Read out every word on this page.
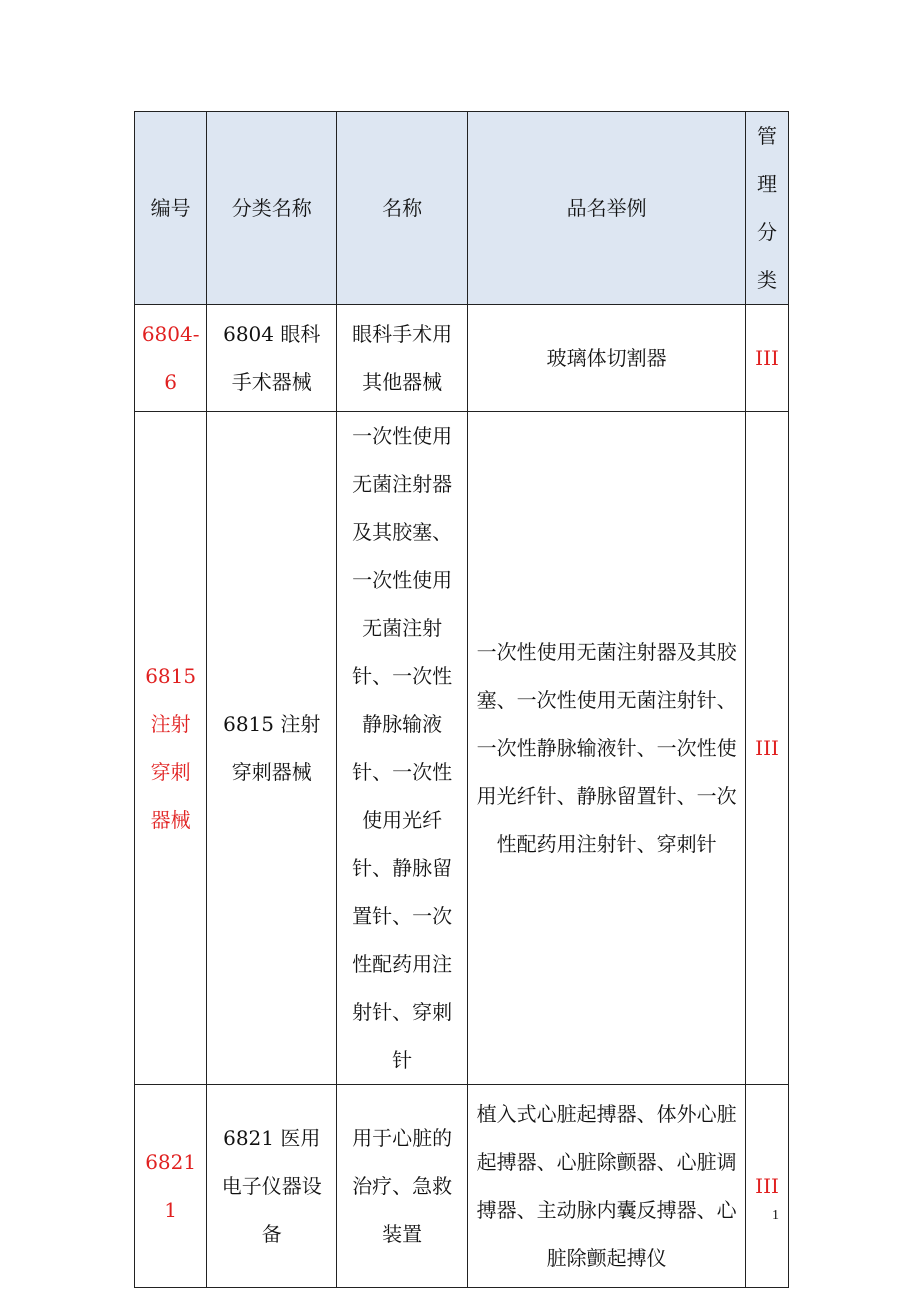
编号	分类名称	名称	品名举例	管理分类
6804-6	6804 眼科手术器械	眼科手术用其他器械	玻璃体切割器	III
6815 注射穿刺器械	6815 注射穿刺器械	一次性使用无菌注射器及其胶塞、一次性使用无菌注射针、一次性静脉输液针、一次性使用光纤针、静脉留置针、一次性配药用注射针、穿刺针	一次性使用无菌注射器及其胶塞、一次性使用无菌注射针、一次性静脉输液针、一次性使用光纤针、静脉留置针、一次性配药用注射针、穿刺针	III
68211	6821 医用电子仪器设备	用于心脏的治疗、急救装置	植入式心脏起搏器、体外心脏起搏器、心脏除颤器、心脏调搏器、主动脉内囊反搏器、心脏除颤起搏仪	III
1
